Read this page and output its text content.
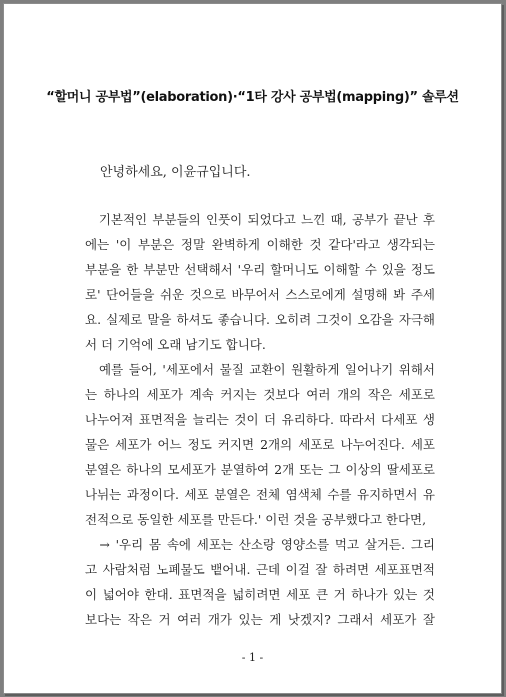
“할머니 공부법”(elaboration)·“1타 강사 공부법(mapping)” 솔루션
안녕하세요, 이윤규입니다.
　기본적인 부분들의 인풋이 되었다고 느낀 때, 공부가 끝난 후
에는 '이 부분은 정말 완벽하게 이해한 것 같다'라고 생각되는
부분을 한 부분만 선택해서 '우리 할머니도 이해할 수 있을 정도
로' 단어들을 쉬운 것으로 바무어서 스스로에게 설명해 봐 주세
요. 실제로 말을 하셔도 좋습니다. 오히려 그것이 오감을 자극해
서 더 기억에 오래 남기도 합니다.
　예를 들어, '세포에서 물질 교환이 원활하게 일어나기 위해서
는 하나의 세포가 계속 커지는 것보다 여러 개의 작은 세포로
나누어져 표면적을 늘리는 것이 더 유리하다. 따라서 다세포 생
물은 세포가 어느 정도 커지면 2개의 세포로 나누어진다. 세포
분열은 하나의 모세포가 분열하여 2개 또는 그 이상의 딸세포로
나뉘는 과정이다. 세포 분열은 전체 염색체 수를 유지하면서 유
전적으로 동일한 세포를 만든다.' 이런 것을 공부했다고 한다면,
　→ '우리 몸 속에 세포는 산소랑 영양소를 먹고 살거든. 그리
고 사람처럼 노폐물도 뱉어내. 근데 이걸 잘 하려면 세포표면적
이 넓어야 한대. 표면적을 넓히려면 세포 큰 거 하나가 있는 것
보다는 작은 거 여러 개가 있는 게 낫겠지? 그래서 세포가 잘
- 1 -
